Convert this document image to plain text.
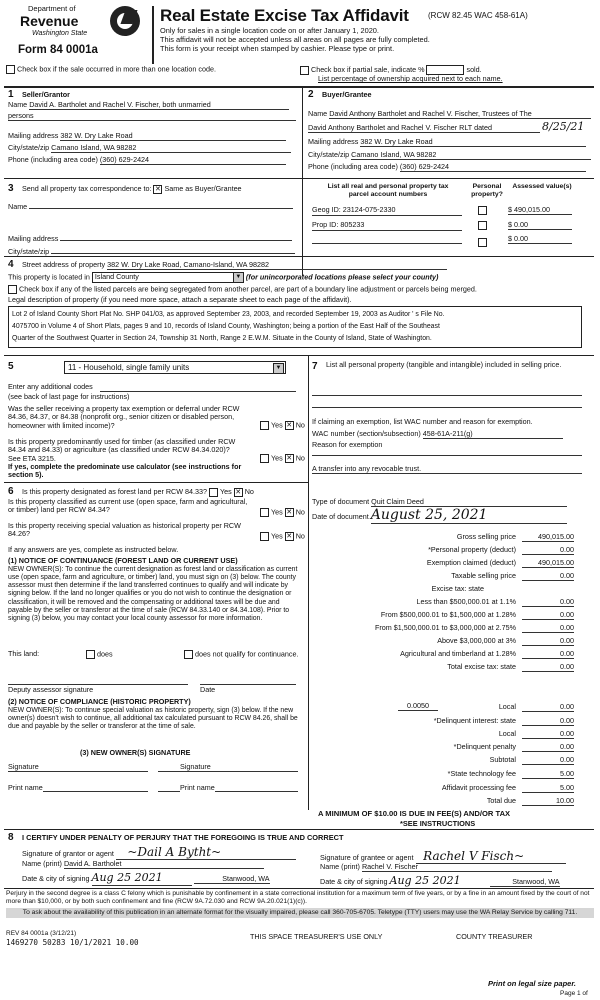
Department of
Revenue
Washington State
Form 84 0001a
Real Estate Excise Tax Affidavit (RCW 82.45 WAC 458-61A)
Only for sales in a single location code on or after January 1, 2020.
This affidavit will not be accepted unless all areas on all pages are fully completed.
This form is your receipt when stamped by cashier. Please type or print.
Check box if the sale occurred in more than one location code.	Check box if partial sale, indicate %	sold.
List percentage of ownership acquired next to each name.
1 Seller/Grantor
Name David A. Bartholet and Rachel V. Fischer, both unmarried
persons
Mailing address 382 W. Dry Lake Road
City/state/zip Camano Island, WA 98282
Phone (including area code) (360) 629-2424
2 Buyer/Grantee
Name David Anthony Bartholet and Rachel V. Fischer, Trustees of The
David Anthony Bartholet and Rachel V. Fischer RLT dated	8/25/21
Mailing address 382 W. Dry Lake Road
City/state/zip Camano Island, WA 98282
Phone (including area code) (360) 629-2424
3 Send all property tax correspondence to: ✕ Same as Buyer/Grantee
Name
Mailing address
City/state/zip
List all real and personal property tax parcel account numbers
Personal property?
Assessed value(s)
Geog ID: 23124-075-2330	$ 490,015.00
Prop ID: 805233	$ 0.00

$ 0.00
4 Street address of property 382 W. Dry Lake Road, Camano-Island, WA 98282
This property is located in Island County	▼ (for unincorporated locations please select your county)
Check box if any of the listed parcels are being segregated from another parcel, are part of a boundary line adjustment or parcels being merged.
Legal description of property (if you need more space, attach a separate sheet to each page of the affidavit).
Lot 2 of Island County Short Plat No. SHP 041/03, as approved September 23, 2003, and recorded September 19, 2003 as Auditor ' s File No.
4075700 in Volume 4 of Short Plats, pages 9 and 10, records of Island County, Washington; being a portion of the East Half of the Southeast
Quarter of the Southwest Quarter in Section 24, Township 31 North, Range 2 E.W.M. Situate in the County of Island, State of Washington.
5	11 - Household, single family units	▼
Enter any additional codes
(see back of last page for instructions)
Was the seller receiving a property tax exemption or deferral under RCW 84.36, 84.37, or 84.38 (nonprofit org., senior citizen or disabled person, homeowner with limited income)?	Yes ✕ No
Is this property predominantly used for timber (as classified under RCW 84.34 and 84.33) or agriculture (as classified under RCW 84.34.020)? See ETA 3215.	Yes ✕ No
If yes, complete the predominate use calculator (see instructions for section 5).
6 Is this property designated as forest land per RCW 84.33? Yes ✕ No
Is this property classified as current use (open space, farm and agricultural, or timber) land per RCW 84.34?	Yes ✕ No
Is this property receiving special valuation as historical property per RCW 84.26?	Yes ✕ No
If any answers are yes, complete as instructed below.
(1) NOTICE OF CONTINUANCE (FOREST LAND OR CURRENT USE)
NEW OWNER(S): To continue the current designation as forest land or classification as current use (open space, farm and agriculture, or timber) land, you must sign on (3) below. The county assessor must then determine if the land transferred continues to qualify and will indicate by signing below. If the land no longer qualifies or you do not wish to continue the designation or classification, it will be removed and the compensating or additional taxes will be due and payable by the seller or transferor at the time of sale (RCW 84.33.140 or 84.34.108). Prior to signing (3) below, you may contact your local county assessor for more information.
This land:	does	does not qualify for continuance.
Deputy assessor signature	Date
(2) NOTICE OF COMPLIANCE (HISTORIC PROPERTY)
NEW OWNER(S): To continue special valuation as historic property, sign (3) below. If the new owner(s) doesn't wish to continue, all additional tax calculated pursuant to RCW 84.26, shall be due and payable by the seller or transferor at the time of sale.
(3) NEW OWNER(S) SIGNATURE
Signature	Signature
Print name	Print name
7	List all personal property (tangible and intangible) included in selling price.
If claiming an exemption, list WAC number and reason for exemption.
WAC number (section/subsection) 458-61A-211(g)
Reason for exemption
A transfer into any revocable trust.
Type of document Quit Claim Deed
Date of document August 25, 2021
Gross selling price	490,015.00
*Personal property (deduct)	0.00
Exemption claimed (deduct)	490,015.00
Taxable selling price	0.00
Excise tax: state
Less than $500,000.01 at 1.1%	0.00
From $500,000.01 to $1,500,000 at 1.28%	0.00
From $1,500,000.01 to $3,000,000 at 2.75%	0.00
Above $3,000,000 at 3%	0.00
Agricultural and timberland at 1.28%	0.00
Total excise tax: state	0.00
Local	0.00
*Delinquent interest: state	0.00
Local	0.00
*Delinquent penalty	0.00
Subtotal	0.00
*State technology fee	5.00
Affidavit processing fee	5.00
Total due	10.00
0.0050
A MINIMUM OF $10.00 IS DUE IN FEE(S) AND/OR TAX
*SEE INSTRUCTIONS
8 I CERTIFY UNDER PENALTY OF PERJURY THAT THE FOREGOING IS TRUE AND CORRECT
Signature of grantor or agent    ~Dail A Bytht~
Name (print) David A. Bartholet
Date & city of signing Aug 25 2021	Stanwood, WA
Signature of grantee or agent   Rachel V Fisch~
Name (print) Rachel V. Fischer
Date & city of signing Aug 25 2021	Stanwood, WA
Perjury in the second degree is a class C felony which is punishable by confinement in a state correctional institution for a maximum term of five years, or by a fine in an amount fixed by the court of not more than $10,000, or by both such confinement and fine (RCW 9A.72.030 and RCW 9A.20.021(1)(c)).
To ask about the availability of this publication in an alternate format for the visually impaired, please call 360-705-6705. Teletype (TTY) users may use the WA Relay Service by calling 711.
REV 84 0001a (3/12/21)
1469270 50283 10/1/2021 10.00
THIS SPACE TREASURER'S USE ONLY	COUNTY TREASURER
Print on legal size paper.
Page 1 of
